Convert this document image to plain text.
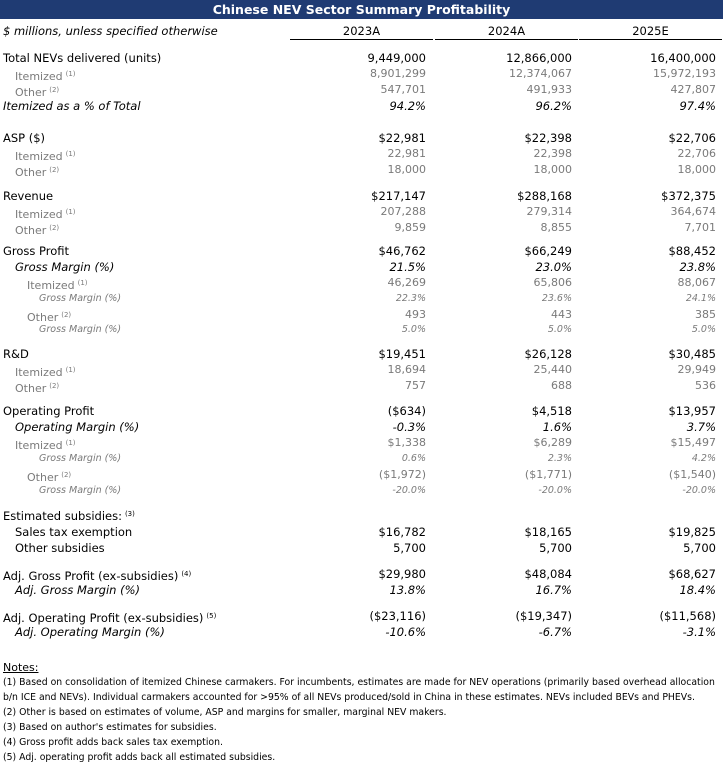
Chinese NEV Sector Summary Profitability
$ millions, unless specified otherwise	2023A	2024A	2025E
Total NEVs delivered (units)	9,449,000	12,866,000	16,400,000
Itemized $^{(1)}$	8,901,299	12,374,067	15,972,193
Other $^{(2)}$	547,701	491,933	427,807
Itemized as a % of Total	94.2%	96.2%	97.4%
ASP ($)	$22,981	$22,398	$22,706
Itemized $^{(1)}$	22,981	22,398	22,706
Other $^{(2)}$	18,000	18,000	18,000
Revenue	$217,147	$288,168	$372,375
Itemized $^{(1)}$	207,288	279,314	364,674
Other $^{(2)}$	9,859	8,855	7,701
Gross Profit	$46,762	$66,249	$88,452
Gross Margin (%)	21.5%	23.0%	23.8%
Itemized $^{(1)}$	46,269	65,806	88,067
Gross Margin (%)	22.3%	23.6%	24.1%
Other $^{(2)}$	493	443	385
Gross Margin (%)	5.0%	5.0%	5.0%
R&D	$19,451	$26,128	$30,485
Itemized $^{(1)}$	18,694	25,440	29,949
Other $^{(2)}$	757	688	536
Operating Profit	($634)	$4,518	$13,957
Operating Margin (%)	-0.3%	1.6%	3.7%
Itemized $^{(1)}$	$1,338	$6,289	$15,497
Gross Margin (%)	0.6%	2.3%	4.2%
Other $^{(2)}$	($1,972)	($1,771)	($1,540)
Gross Margin (%)	-20.0%	-20.0%	-20.0%
Estimated subsidies: $^{(3)}$
Sales tax exemption	$16,782	$18,165	$19,825
Other subsidies	5,700	5,700	5,700
Adj. Gross Profit (ex-subsidies) $^{(4)}$	$29,980	$48,084	$68,627
Adj. Gross Margin (%)	13.8%	16.7%	18.4%
Adj. Operating Profit (ex-subsidies) $^{(5)}$	($23,116)	($19,347)	($11,568)
Adj. Operating Margin (%)	-10.6%	-6.7%	-3.1%
Notes:
(1) Based on consolidation of itemized Chinese carmakers. For incumbents, estimates are made for NEV operations (primarily based overhead allocation b/n ICE and NEVs). Individual carmakers accounted for >95% of all NEVs produced/sold in China in these estimates. NEVs included BEVs and PHEVs.
(2) Other is based on estimates of volume, ASP and margins for smaller, marginal NEV makers.
(3) Based on author's estimates for subsidies.
(4) Gross profit adds back sales tax exemption.
(5) Adj. operating profit adds back all estimated subsidies.
